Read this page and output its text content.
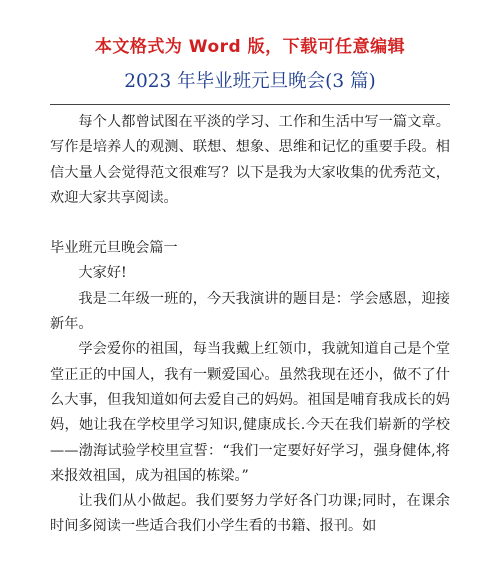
本文格式为 Word 版，下载可任意编辑
2023 年毕业班元旦晚会(3 篇)

每个人都曾试图在平淡的学习、工作和生活中写一篇文章。写作是培养人的观测、联想、想象、思维和记忆的重要手段。相信大量人会觉得范文很难写？以下是我为大家收集的优秀范文，欢迎大家共享阅读。

毕业班元旦晚会篇一

大家好!

我是二年级一班的，今天我演讲的题目是：学会感恩，迎接新年。

学会爱你的祖国，每当我戴上红领巾，我就知道自己是个堂堂正正的中国人，我有一颗爱国心。虽然我现在还小，做不了什么大事，但我知道如何去爱自己的妈妈。祖国是哺育我成长的妈妈，她让我在学校里学习知识,健康成长.今天在我们崭新的学校——渤海试验学校里宣誓：“我们一定要好好学习，强身健体,将来报效祖国，成为祖国的栋梁。”

让我们从小做起。我们要努力学好各门功课;同时，在课余时间多阅读一些适合我们小学生看的书籍、报刊。如
